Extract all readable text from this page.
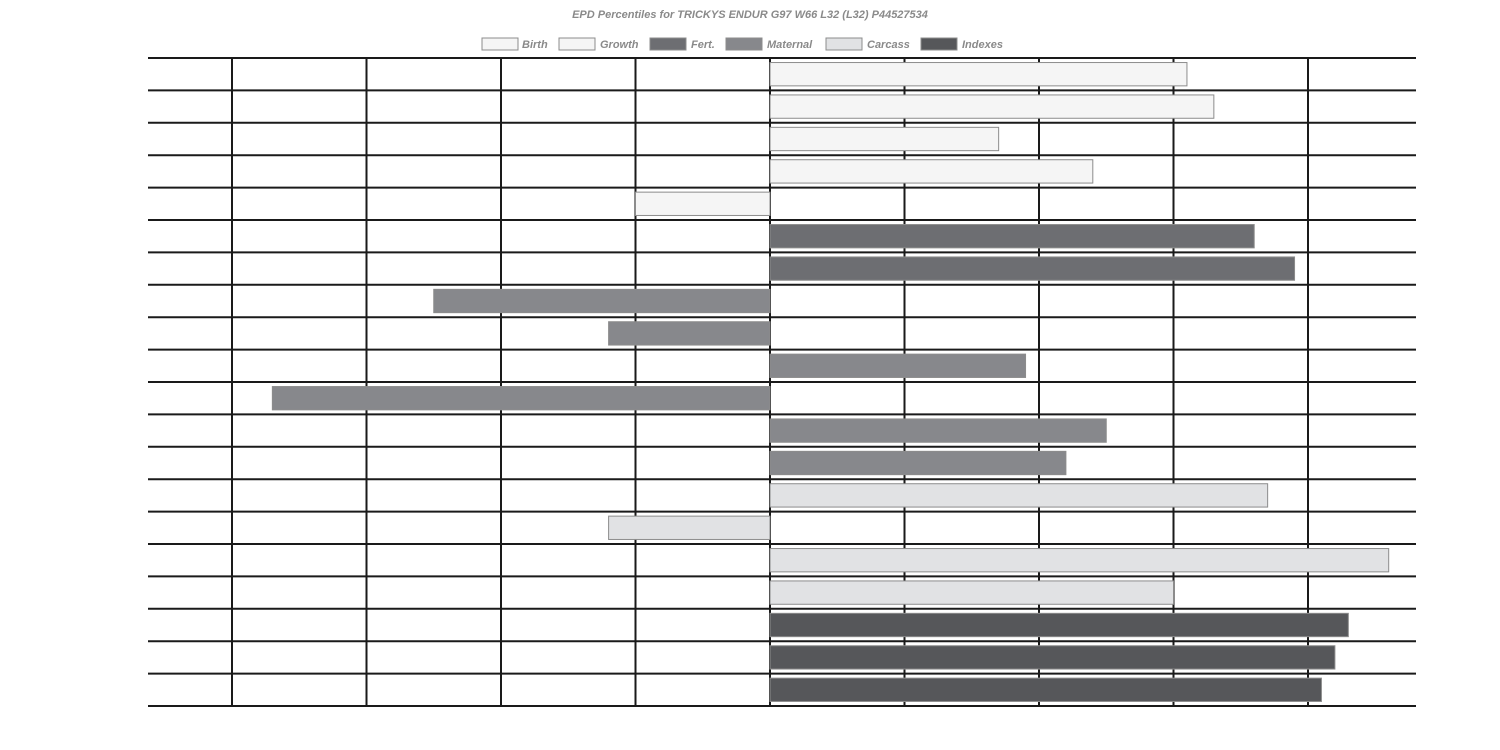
EPD Percentiles for TRICKYS ENDUR G97 W66 L32 (L32) P44527534
Birth	Growth	Fert.	Maternal	Carcass	Indexes
